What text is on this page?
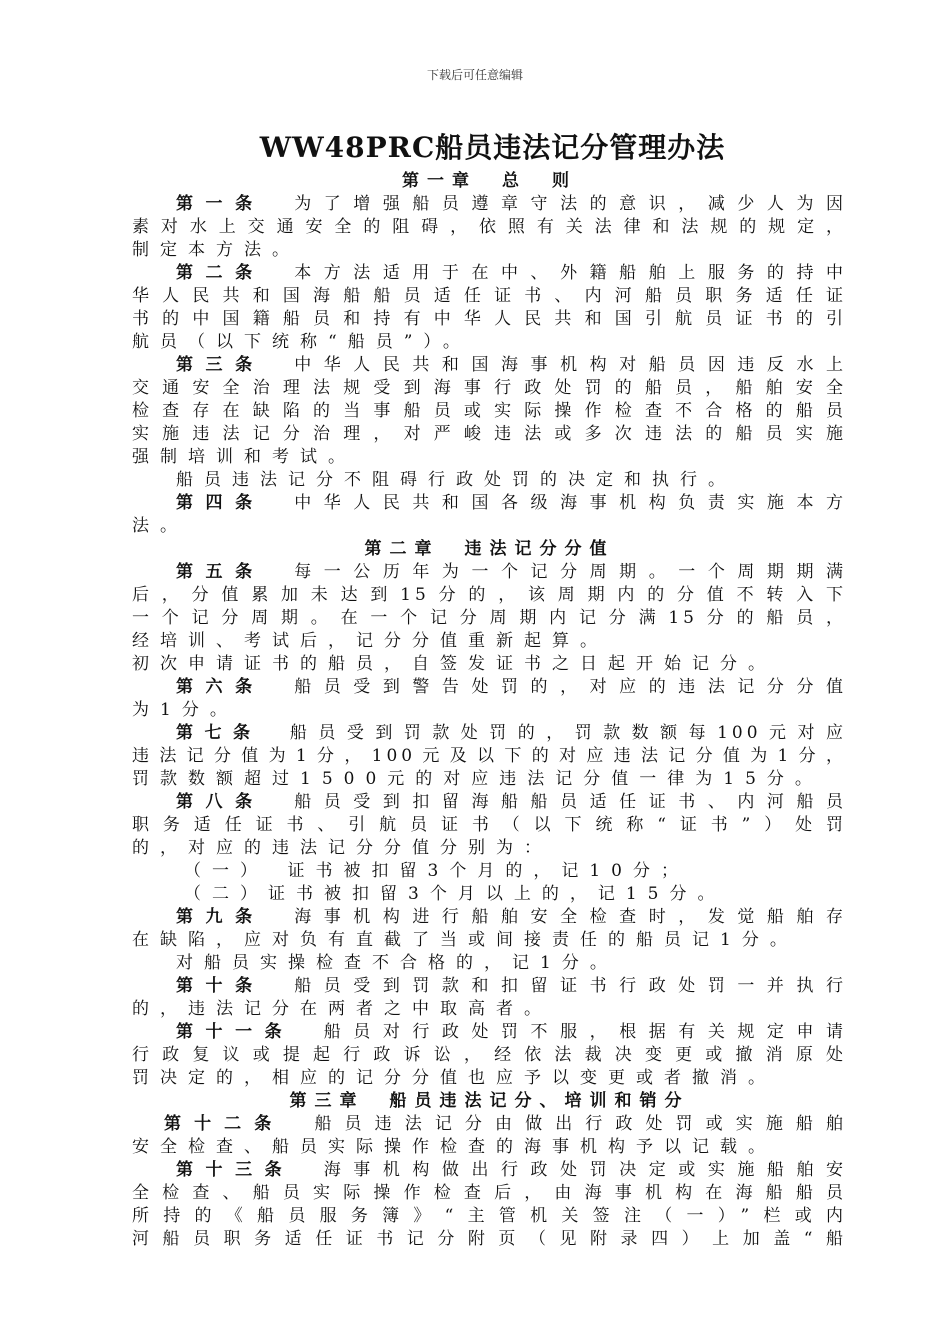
下载后可任意编辑
WW48PRC船员违法记分管理办法
第一章　总　则
第一条　为了增强船员遵章守法的意识，减少人为因
素对水上交通安全的阻碍，依照有关法律和法规的规定，
制定本方法。
第二条　本方法适用于在中、外籍船舶上服务的持中
华人民共和国海船船员适任证书、内河船员职务适任证
书的中国籍船员和持有中华人民共和国引航员证书的引
航员（以下统称“船员”）。
第三条　中华人民共和国海事机构对船员因违反水上
交通安全治理法规受到海事行政处罚的船员，船舶安全
检查存在缺陷的当事船员或实际操作检查不合格的船员
实施违法记分治理，对严峻违法或多次违法的船员实施
强制培训和考试。
船员违法记分不阻碍行政处罚的决定和执行。
第四条　中华人民共和国各级海事机构负责实施本方
法。
第二章　违法记分分值
第五条　每一公历年为一个记分周期。一个周期期满
后，分值累加未达到15分的，该周期内的分值不转入下
一个记分周期。在一个记分周期内记分满15分的船员，
经培训、考试后，记分分值重新起算。
初次申请证书的船员，自签发证书之日起开始记分。
第六条　船员受到警告处罚的，对应的违法记分分值
为1分。
第七条　船员受到罚款处罚的，罚款数额每100元对应
违法记分值为1分，100元及以下的对应违法记分值为1分，
罚款数额超过1500元的对应违法记分值一律为15分。
第八条　船员受到扣留海船船员适任证书、内河船员
职务适任证书、引航员证书（以下统称“证书”）处罚
的，对应的违法记分分值分别为：
（一）　证书被扣留3个月的，记10分；
（二）证书被扣留3个月以上的，记15分。
第九条　海事机构进行船舶安全检查时，发觉船舶存
在缺陷，应对负有直截了当或间接责任的船员记1分。
对船员实操检查不合格的，记1分。
第十条　船员受到罚款和扣留证书行政处罚一并执行
的，违法记分在两者之中取高者。
第十一条　船员对行政处罚不服，根据有关规定申请
行政复议或提起行政诉讼，经依法裁决变更或撤消原处
罚决定的，相应的记分分值也应予以变更或者撤消。
第三章　船员违法记分、培训和销分
第十二条　船员违法记分由做出行政处罚或实施船舶
安全检查、船员实际操作检查的海事机构予以记载。
第十三条　海事机构做出行政处罚决定或实施船舶安
全检查、船员实际操作检查后，由海事机构在海船船员
所持的《船员服务簿》“主管机关签注（一）”栏或内
河船员职务适任证书记分附页（见附录四）上加盖“船
